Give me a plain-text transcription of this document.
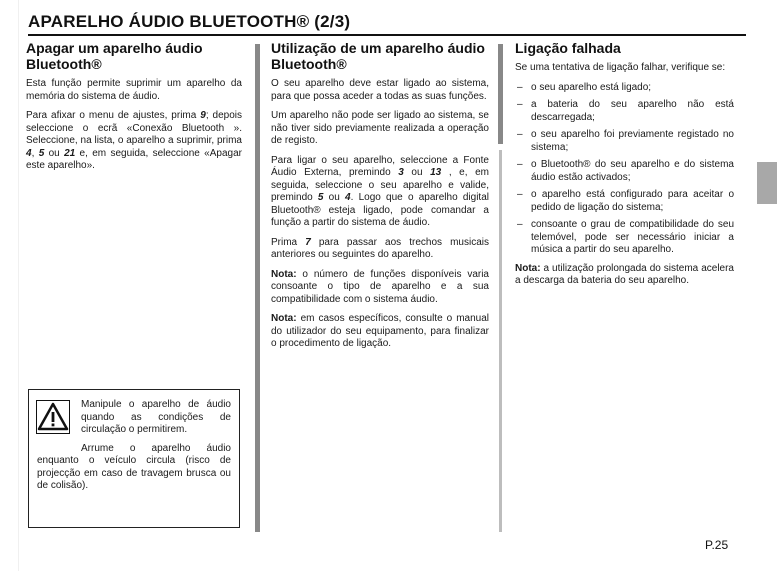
APARELHO ÁUDIO BLUETOOTH® (2/3)
Apagar um aparelho áudio Bluetooth®

Esta função permite suprimir um aparelho da memória do sistema de áudio.

Para afixar o menu de ajustes, prima 9; depois seleccione o ecrã «Conexão Bluetooth ». Seleccione, na lista, o aparelho a suprimir, prima 4, 5 ou 21 e, em seguida, seleccione «Apagar este aparelho».

Manipule o aparelho de áudio quando as condições de circulação o permitirem.

Arrume o aparelho áudio enquanto o veículo circula (risco de projecção em caso de travagem brusca ou de colisão).

Utilização de um aparelho áudio Bluetooth®

O seu aparelho deve estar ligado ao sistema, para que possa aceder a todas as suas funções.

Um aparelho não pode ser ligado ao sistema, se não tiver sido previamente realizada a operação de registo.

Para ligar o seu aparelho, seleccione a Fonte Áudio Externa, premindo 3 ou 13 , e, em seguida, seleccione o seu aparelho e valide, premindo 5 ou 4. Logo que o aparelho digital Bluetooth® esteja ligado, pode comandar a função a partir do sistema de áudio.

Prima 7 para passar aos trechos musicais anteriores ou seguintes do aparelho.

Nota: o número de funções disponíveis varia consoante o tipo de aparelho e a sua compatibilidade com o sistema áudio.

Nota: em casos específicos, consulte o manual do utilizador do seu equipamento, para finalizar o procedimento de ligação.

Ligação falhada

Se uma tentativa de ligação falhar, verifique se:

– o seu aparelho está ligado;
– a bateria do seu aparelho não está descarregada;
– o seu aparelho foi previamente registado no sistema;
– o Bluetooth® do seu aparelho e do sistema áudio estão activados;
– o aparelho está configurado para aceitar o pedido de ligação do sistema;
– consoante o grau de compatibilidade do seu telemóvel, pode ser necessário iniciar a música a partir do seu aparelho.

Nota: a utilização prolongada do sistema acelera a descarga da bateria do seu aparelho.

P.25
